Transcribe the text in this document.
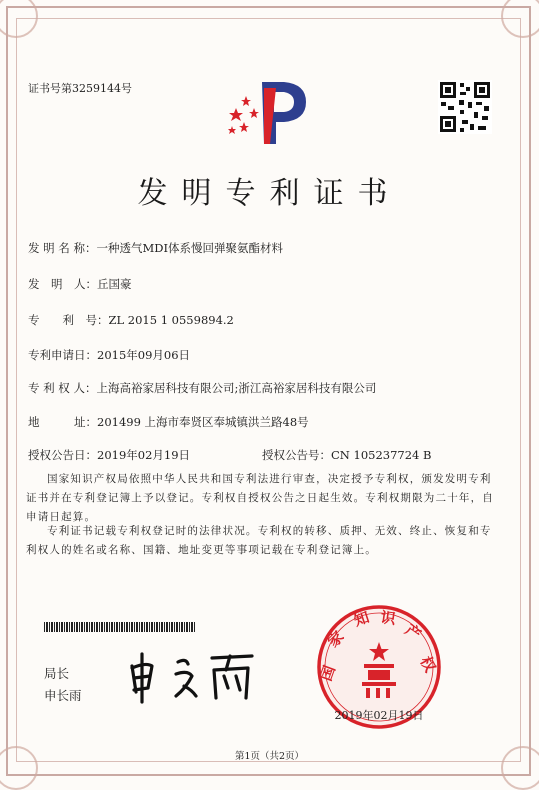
证书号第3259144号
发明专利证书
发 明 名 称：一种透气MDI体系慢回弹聚氨酯材料
发　明　人：丘国豪
专　　利　号：ZL 2015 1 0559894.2
专利申请日：2015年09月06日
专 利 权 人：上海高裕家居科技有限公司;浙江高裕家居科技有限公司
地　　　址：201499 上海市奉贤区奉城镇洪兰路48号
授权公告日：2019年02月19日	授权公告号：CN 105237724 B
国家知识产权局依照中华人民共和国专利法进行审查，决定授予专利权，颁发发明专利证书并在专利登记簿上予以登记。专利权自授权公告之日起生效。专利权期限为二十年，自申请日起算。
专利证书记载专利权登记时的法律状况。专利权的转移、质押、无效、终止、恢复和专利权人的姓名或名称、国籍、地址变更等事项记载在专利登记簿上。
局长
申长雨
国
家
知 识
产
权
2019年02月19日
第1页（共2页）
